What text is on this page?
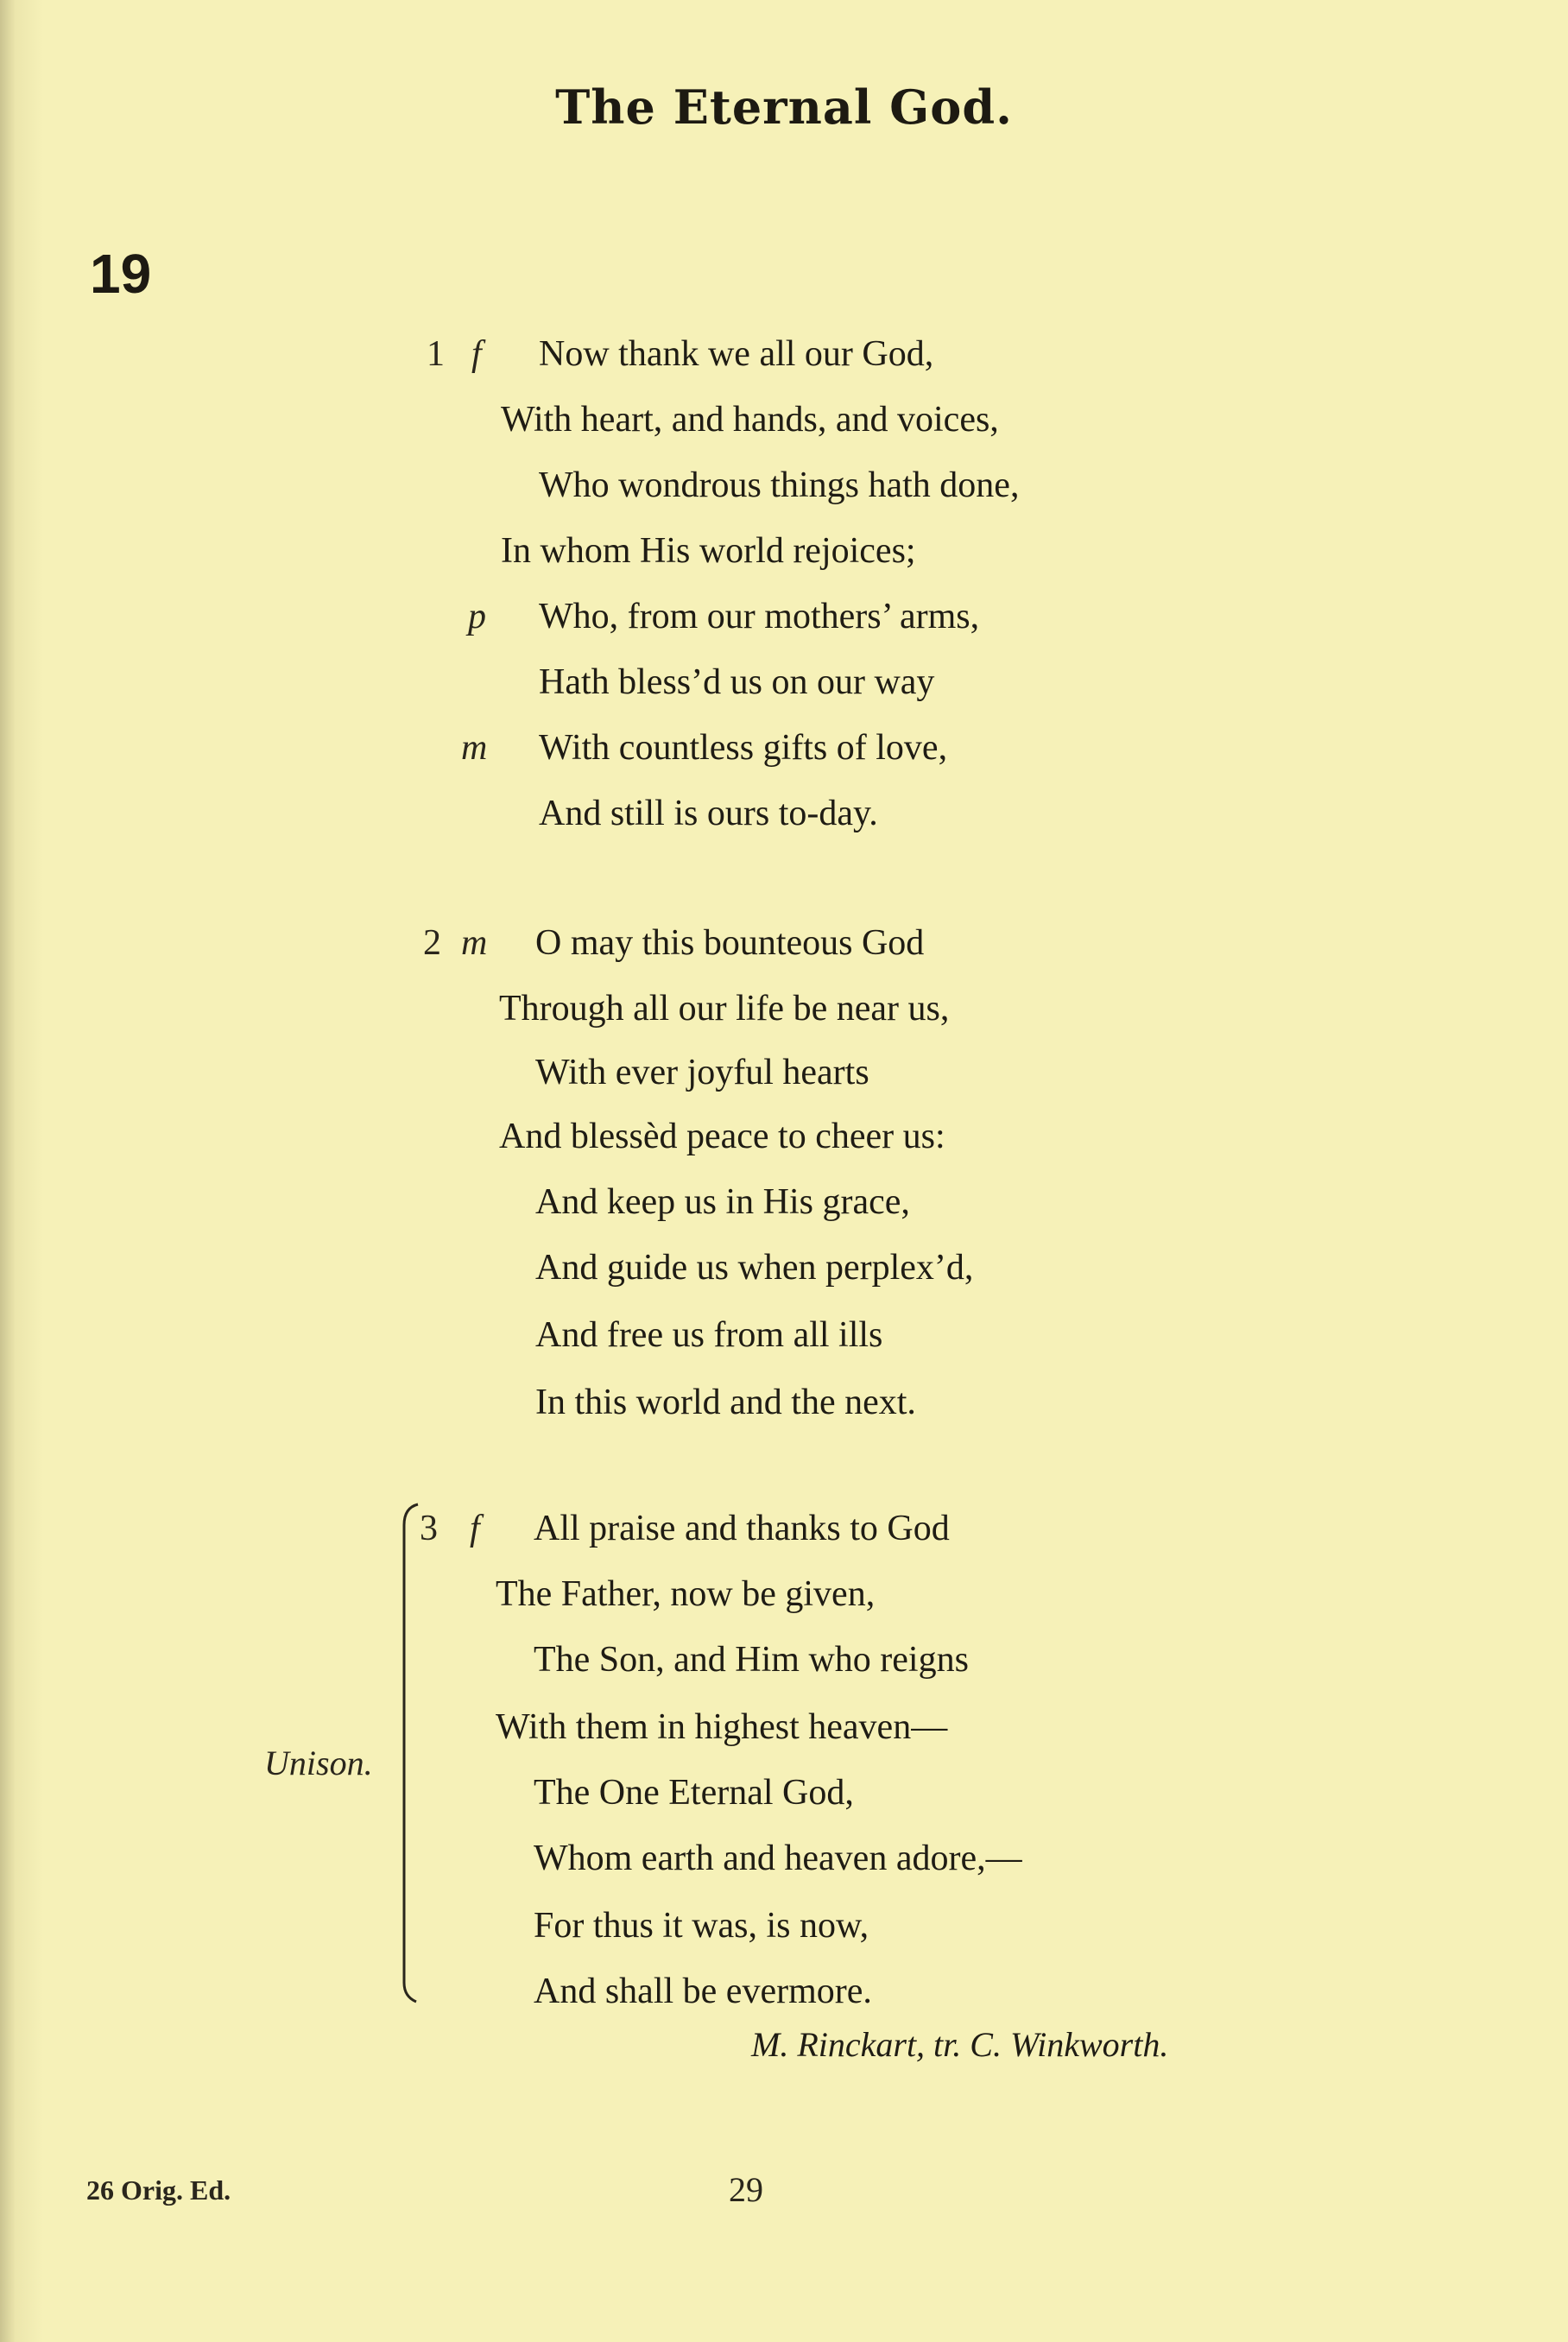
The Eternal God.
19
1 f Now thank we all our God,
With heart, and hands, and voices,
Who wondrous things hath done,
In whom His world rejoices;
p Who, from our mothers’ arms,
Hath bless’d us on our way
m With countless gifts of love,
And still is ours to-day.
2 m O may this bounteous God
Through all our life be near us,
With ever joyful hearts
And blessèd peace to cheer us:
And keep us in His grace,
And guide us when perplex’d,
And free us from all ills
In this world and the next.
Unison.
3 f All praise and thanks to God
The Father, now be given,
The Son, and Him who reigns
With them in highest heaven—
The One Eternal God,
Whom earth and heaven adore,—
For thus it was, is now,
And shall be evermore.
M. Rinckart, tr. C. Winkworth.
26 Orig. Ed.	29
